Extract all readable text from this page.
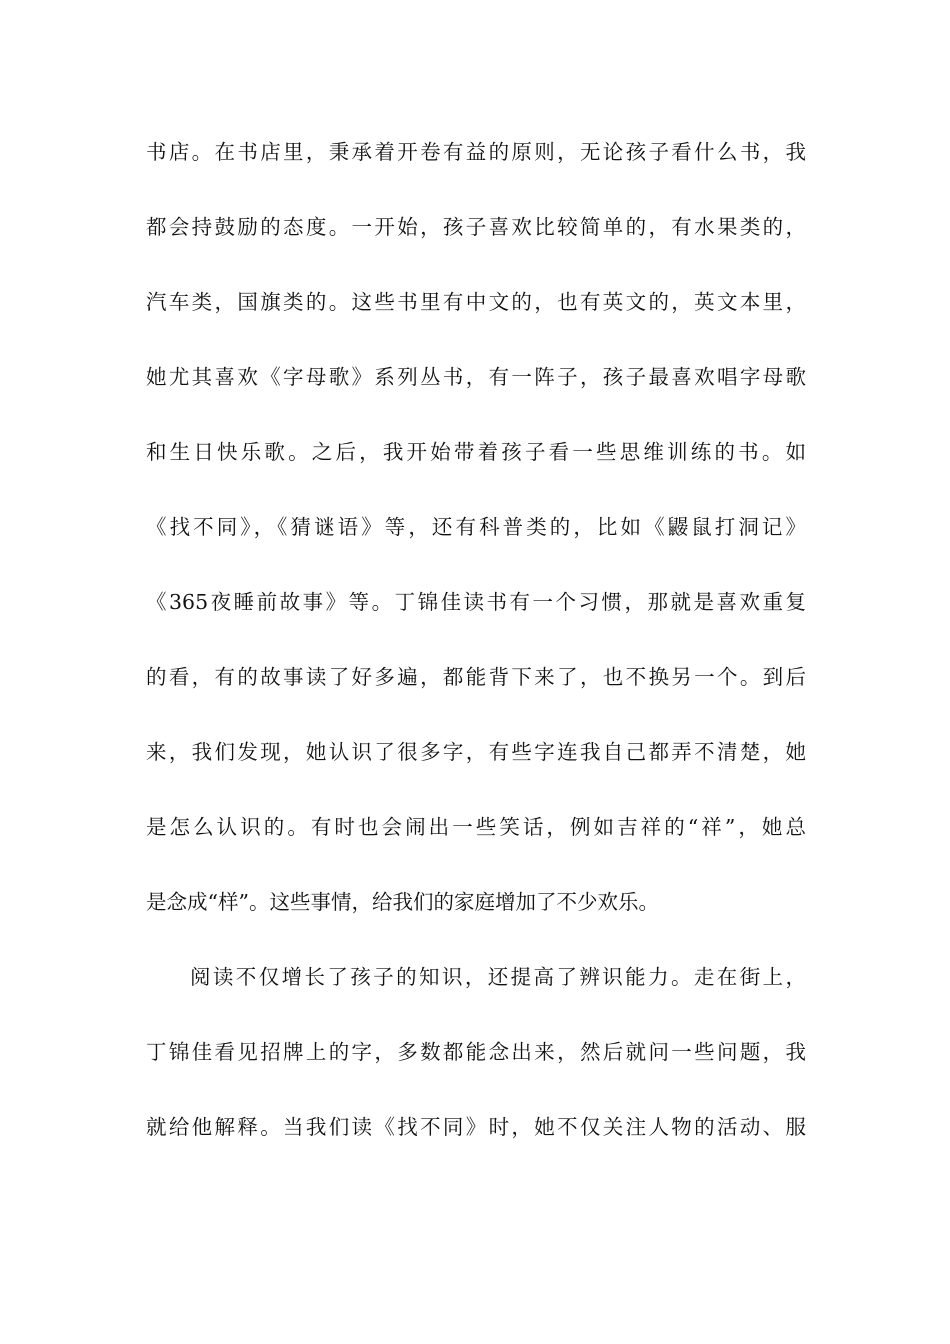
书店。在书店里，秉承着开卷有益的原则，无论孩子看什么书，我
都会持鼓励的态度。一开始，孩子喜欢比较简单的，有水果类的，
汽车类，国旗类的。这些书里有中文的，也有英文的，英文本里，
她尤其喜欢《字母歌》系列丛书，有一阵子，孩子最喜欢唱字母歌
和生日快乐歌。之后，我开始带着孩子看一些思维训练的书。如
《找不同》，《猜谜语》等，还有科普类的，比如《鼹鼠打洞记》
《365夜睡前故事》等。丁锦佳读书有一个习惯，那就是喜欢重复
的看，有的故事读了好多遍，都能背下来了，也不换另一个。到后
来，我们发现，她认识了很多字，有些字连我自己都弄不清楚，她
是怎么认识的。有时也会闹出一些笑话，例如吉祥的“祥”，她总
是念成“样”。这些事情，给我们的家庭增加了不少欢乐。
阅读不仅增长了孩子的知识，还提高了辨识能力。走在街上，
丁锦佳看见招牌上的字，多数都能念出来，然后就问一些问题，我
就给他解释。当我们读《找不同》时，她不仅关注人物的活动、服
